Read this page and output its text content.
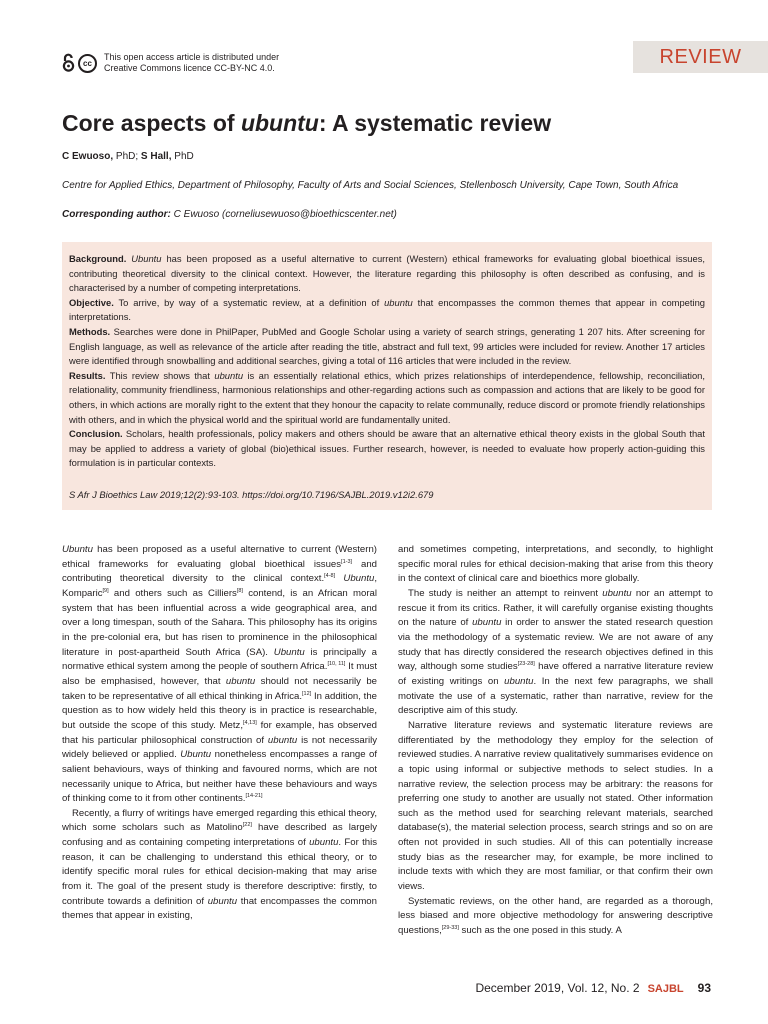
cc
This open access article is distributed under
Creative Commons licence CC-BY-NC 4.0.
REVIEW
Core aspects of ubuntu: A systematic review
C Ewuoso, PhD; S Hall, PhD
Centre for Applied Ethics, Department of Philosophy, Faculty of Arts and Social Sciences, Stellenbosch University, Cape Town, South Africa
Corresponding author: C Ewuoso (corneliusewuoso@bioethicscenter.net)

Background. Ubuntu has been proposed as a useful alternative to current (Western) ethical frameworks for evaluating global bioethical issues, contributing theoretical diversity to the clinical context. However, the literature regarding this philosophy is often described as confusing, and is characterised by a number of competing interpretations.

Objective. To arrive, by way of a systematic review, at a definition of ubuntu that encompasses the common themes that appear in competing interpretations.

Methods. Searches were done in PhilPaper, PubMed and Google Scholar using a variety of search strings, generating 1 207 hits. After screening for English language, as well as relevance of the article after reading the title, abstract and full text, 99 articles were included for review. Another 17 articles were identified through snowballing and additional searches, giving a total of 116 articles that were included in the review.

Results. This review shows that ubuntu is an essentially relational ethics, which prizes relationships of interdependence, fellowship, reconciliation, relationality, community friendliness, harmonious relationships and other-regarding actions such as compassion and actions that are likely to be good for others, in which actions are morally right to the extent that they honour the capacity to relate communally, reduce discord or promote friendly relationships with others, and in which the physical world and the spiritual world are fundamentally united.

Conclusion. Scholars, health professionals, policy makers and others should be aware that an alternative ethical theory exists in the global South that may be applied to address a variety of global (bio)ethical issues. Further research, however, is needed to evaluate how properly action-guiding this formulation is in particular contexts.

S Afr J Bioethics Law 2019;12(2):93-103. https://doi.org/10.7196/SAJBL.2019.v12i2.679

Ubuntu has been proposed as a useful alternative to current (Western) ethical frameworks for evaluating global bioethical issues[1-3] and contributing theoretical diversity to the clinical context.[4-8] Ubuntu, Komparic[9] and others such as Cilliers[8] contend, is an African moral system that has been influential across a wide geographical area, and over a long timespan, south of the Sahara. This philosophy has its origins in the pre-colonial era, but has risen to prominence in the philosophical literature in post-apartheid South Africa (SA). Ubuntu is principally a normative ethical system among the people of southern Africa.[10, 11] It must also be emphasised, however, that ubuntu should not necessarily be taken to be representative of all ethical thinking in Africa.[12] In addition, the question as to how widely held this theory is in practice is researchable, but outside the scope of this study. Metz,[4,13] for example, has observed that his particular philosophical construction of ubuntu is not necessarily widely believed or applied. Ubuntu nonetheless encompasses a range of salient behaviours, ways of thinking and favoured norms, which are not necessarily unique to Africa, but neither have these behaviours and ways of thinking come to it from other continents.[14-21]

Recently, a flurry of writings have emerged regarding this ethical theory, which some scholars such as Matolino[22] have described as largely confusing and as containing competing interpretations of ubuntu. For this reason, it can be challenging to understand this ethical theory, or to identify specific moral rules for ethical decision-making that may arise from it. The goal of the present study is therefore descriptive: firstly, to contribute towards a definition of ubuntu that encompasses the common themes that appear in existing,

and sometimes competing, interpretations, and secondly, to highlight specific moral rules for ethical decision-making that arise from this theory in the context of clinical care and bioethics more globally.

The study is neither an attempt to reinvent ubuntu nor an attempt to rescue it from its critics. Rather, it will carefully organise existing thoughts on the nature of ubuntu in order to answer the stated research question via the methodology of a systematic review. We are not aware of any study that has directly considered the research objectives defined in this way, although some studies[23-28] have offered a narrative literature review of existing writings on ubuntu. In the next few paragraphs, we shall motivate the use of a systematic, rather than narrative, review for the descriptive aim of this study.

Narrative literature reviews and systematic literature reviews are differentiated by the methodology they employ for the selection of reviewed studies. A narrative review qualitatively summarises evidence on a topic using informal or subjective methods to select studies. In a narrative review, the selection process may be arbitrary: the reasons for preferring one study to another are usually not stated. Other information such as the method used for searching relevant materials, searched database(s), the material selection process, search strings and so on are often not provided in such studies. All of this can potentially increase study bias as the researcher may, for example, be more inclined to include texts with which they are most familiar, or that confirm their own views.

Systematic reviews, on the other hand, are regarded as a thorough, less biased and more objective methodology for answering descriptive questions,[29-33] such as the one posed in this study. A

December 2019, Vol. 12, No. 2 SAJBL 93
